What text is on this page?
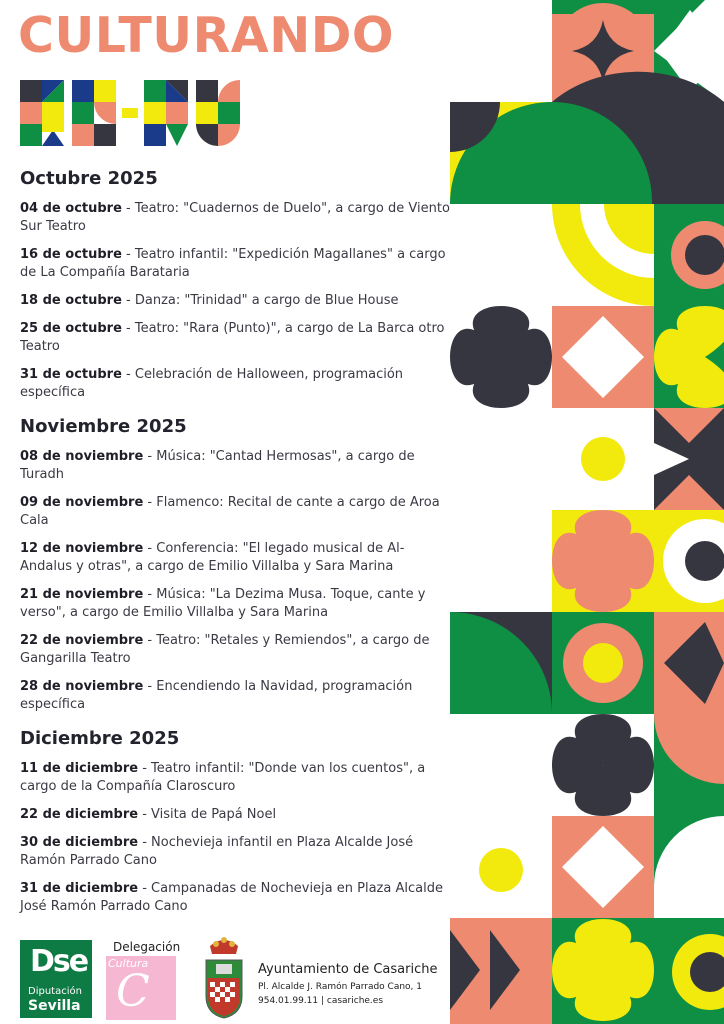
CULTURANDO
Octubre 2025

04 de octubre - Teatro: "Cuadernos de Duelo", a cargo de Viento Sur Teatro

16 de octubre - Teatro infantil: "Expedición Magallanes" a cargo de La Compañía Barataria

18 de octubre - Danza: "Trinidad" a cargo de Blue House

25 de octubre - Teatro: "Rara (Punto)", a cargo de La Barca otro Teatro

31 de octubre - Celebración de Halloween, programación específica

Noviembre 2025

08 de noviembre - Música: "Cantad Hermosas", a cargo de Turadh

09 de noviembre - Flamenco: Recital de cante a cargo de Aroa Cala

12 de noviembre - Conferencia: "El legado musical de Al-Andalus y otras", a cargo de Emilio Villalba y Sara Marina

21 de noviembre - Música: "La Dezima Musa. Toque, cante y verso", a cargo de Emilio Villalba y Sara Marina

22 de noviembre - Teatro: "Retales y Remiendos", a cargo de Gangarilla Teatro

28 de noviembre - Encendiendo la Navidad, programación específica

Diciembre 2025

11 de diciembre - Teatro infantil: "Donde van los cuentos", a cargo de la Compañía Claroscuro

22 de diciembre - Visita de Papá Noel

30 de diciembre - Nochevieja infantil en Plaza Alcalde José Ramón Parrado Cano

31 de diciembre - Campanadas de Nochevieja en Plaza Alcalde José Ramón Parrado Cano

Dse
Diputación
Sevilla
Delegación
Cultura
C	Ayuntamiento de Casariche
Pl. Alcalde J. Ramón Parrado Cano, 1
954.01.99.11 | casariche.es
